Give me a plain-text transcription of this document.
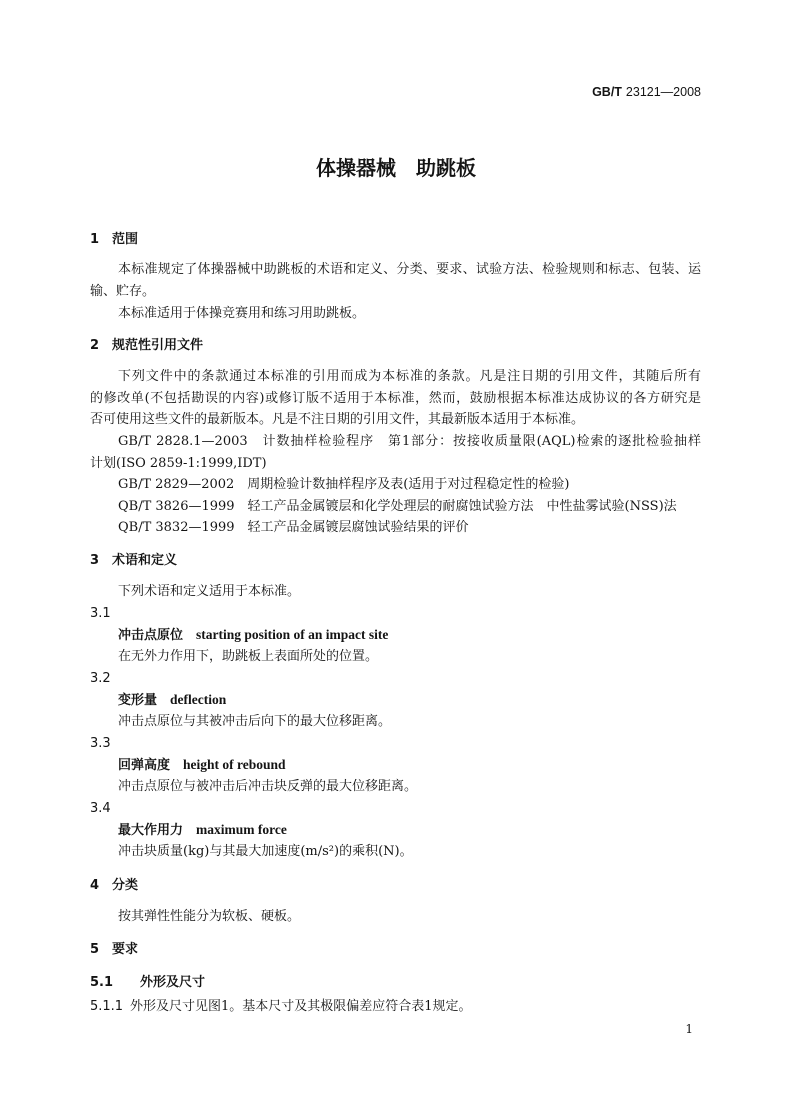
GB/T 23121—2008
体操器械　助跳板
1 范围
本标准规定了体操器械中助跳板的术语和定义、分类、要求、试验方法、检验规则和标志、包装、运
输、贮存。
本标准适用于体操竞赛用和练习用助跳板。
2 规范性引用文件
下列文件中的条款通过本标准的引用而成为本标准的条款。凡是注日期的引用文件，其随后所有
的修改单(不包括勘误的内容)或修订版不适用于本标准，然而，鼓励根据本标准达成协议的各方研究是
否可使用这些文件的最新版本。凡是不注日期的引用文件，其最新版本适用于本标准。
GB/T 2828.1—2003　计数抽样检验程序　第1部分：按接收质量限(AQL)检索的逐批检验抽样
计划(ISO 2859-1:1999,IDT)
GB/T 2829—2002　周期检验计数抽样程序及表(适用于对过程稳定性的检验)
QB/T 3826—1999　轻工产品金属镀层和化学处理层的耐腐蚀试验方法　中性盐雾试验(NSS)法
QB/T 3832—1999　轻工产品金属镀层腐蚀试验结果的评价
3 术语和定义
下列术语和定义适用于本标准。
3.1
冲击点原位 starting position of an impact site
在无外力作用下，助跳板上表面所处的位置。
3.2
变形量 deflection
冲击点原位与其被冲击后向下的最大位移距离。
3.3
回弹高度 height of rebound
冲击点原位与被冲击后冲击块反弹的最大位移距离。
3.4
最大作用力 maximum force
冲击块质量(kg)与其最大加速度(m/s²)的乘积(N)。
4 分类
按其弹性性能分为软板、硬板。
5 要求
5.1 外形及尺寸
5.1.1 外形及尺寸见图1。基本尺寸及其极限偏差应符合表1规定。
1
